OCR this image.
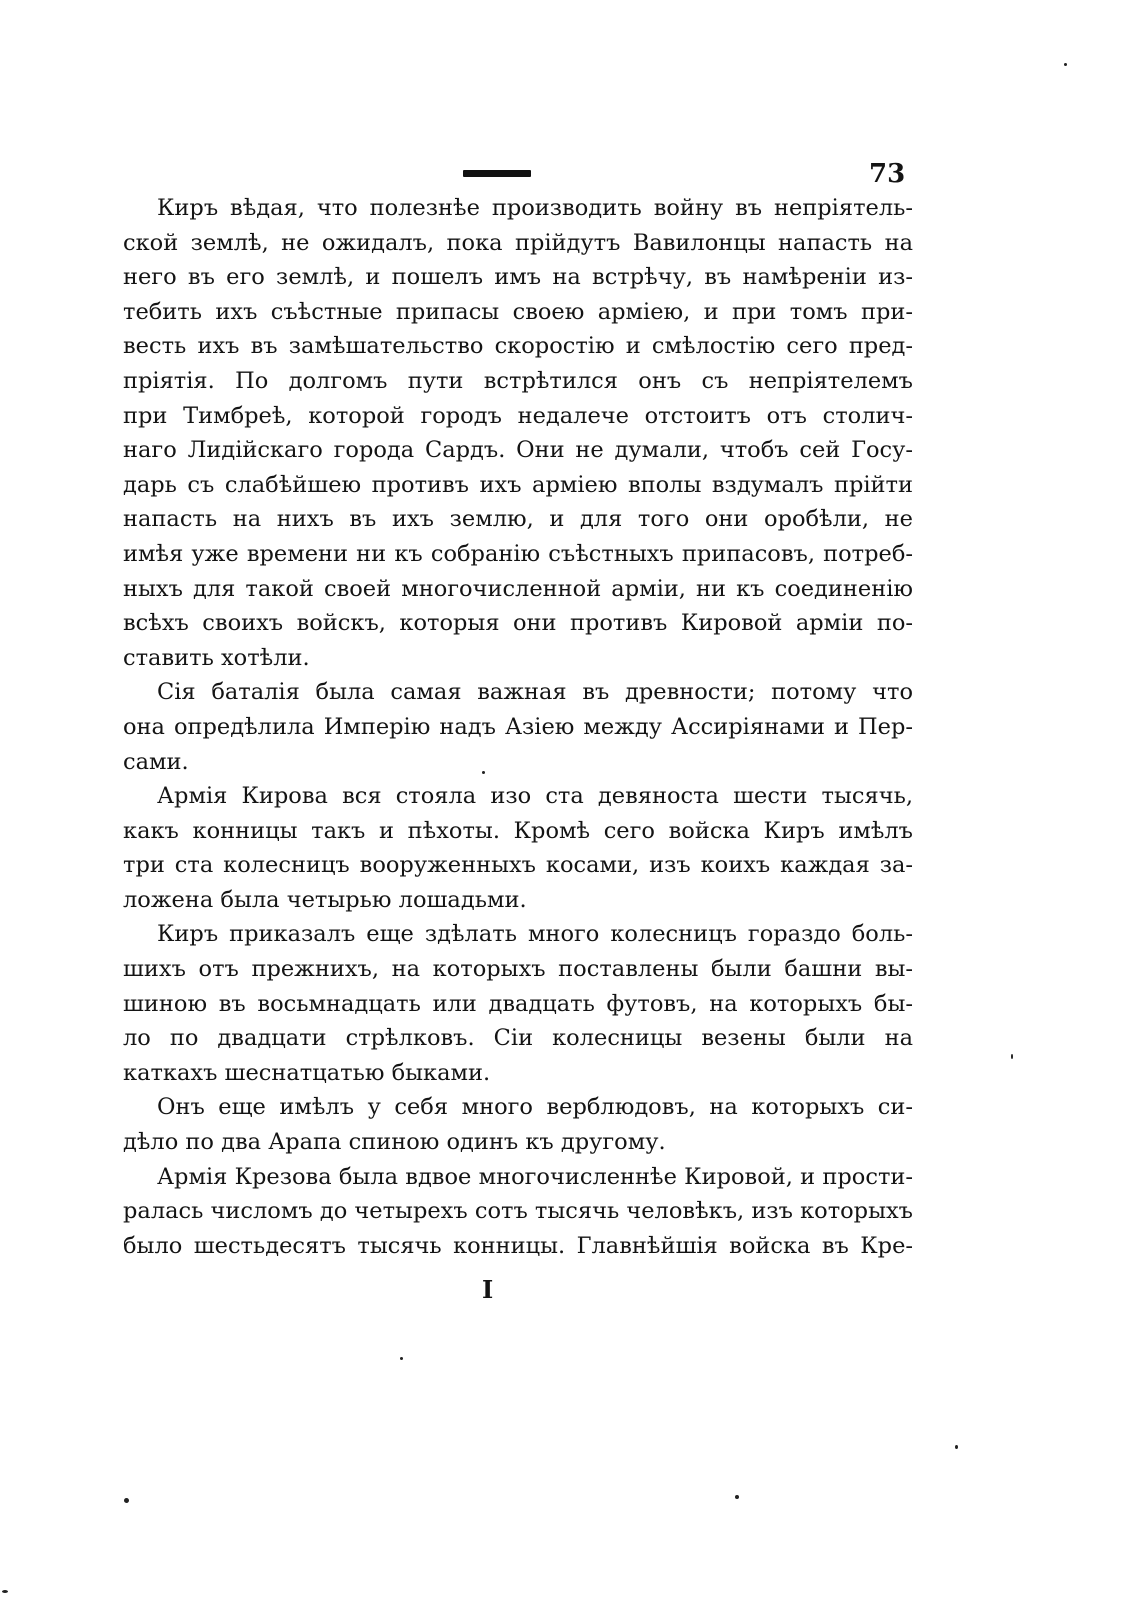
73
Киръ вѣдая, что полезнѣе производить войну въ непріятель-
ской землѣ, не ожидалъ, пока прійдутъ Вавилонцы напасть на
него въ его землѣ, и пошелъ имъ на встрѣчу, въ намѣреніи из-
тебить ихъ съѣстные припасы своею арміею, и при томъ при-
весть ихъ въ замѣшательство скоростію и смѣлостію сего пред-
пріятія. По долгомъ пути встрѣтился онъ съ непріятелемъ
при Тимбреѣ, которой городъ недалече отстоитъ отъ столич-
наго Лидійскаго города Сардъ. Они не думали, чтобъ сей Госу-
дарь съ слабѣйшею противъ ихъ арміею вполы вздумалъ прійти
напасть на нихъ въ ихъ землю, и для того они оробѣли, не
имѣя уже времени ни къ собранію съѣстныхъ припасовъ, потреб-
ныхъ для такой своей многочисленной арміи, ни къ соединенію
всѣхъ своихъ войскъ, которыя они противъ Кировой арміи по-
ставить хотѣли.
Сія баталія была самая важная въ древности; потому что
она опредѣлила Имперію надъ Азіею между Ассиріянами и Пер-
сами.
Армія Кирова вся стояла изо ста девяноста шести тысячь,
какъ конницы такъ и пѣхоты. Кромѣ сего войска Киръ имѣлъ
три ста колесницъ вооруженныхъ косами, изъ коихъ каждая за-
ложена была четырью лошадьми.
Киръ приказалъ еще здѣлать много колесницъ гораздо боль-
шихъ отъ прежнихъ, на которыхъ поставлены были башни вы-
шиною въ восьмнадцать или двадцать футовъ, на которыхъ бы-
ло по двадцати стрѣлковъ. Сіи колесницы везены были на
каткахъ шеснатцатью быками.
Онъ еще имѣлъ у себя много верблюдовъ, на которыхъ си-
дѣло по два Арапа спиною одинъ къ другому.
Армія Крезова была вдвое многочисленнѣе Кировой, и прости-
ралась числомъ до четырехъ сотъ тысячь человѣкъ, изъ которыхъ
было шестьдесятъ тысячь конницы. Главнѣйшія войска въ Кре-
I
